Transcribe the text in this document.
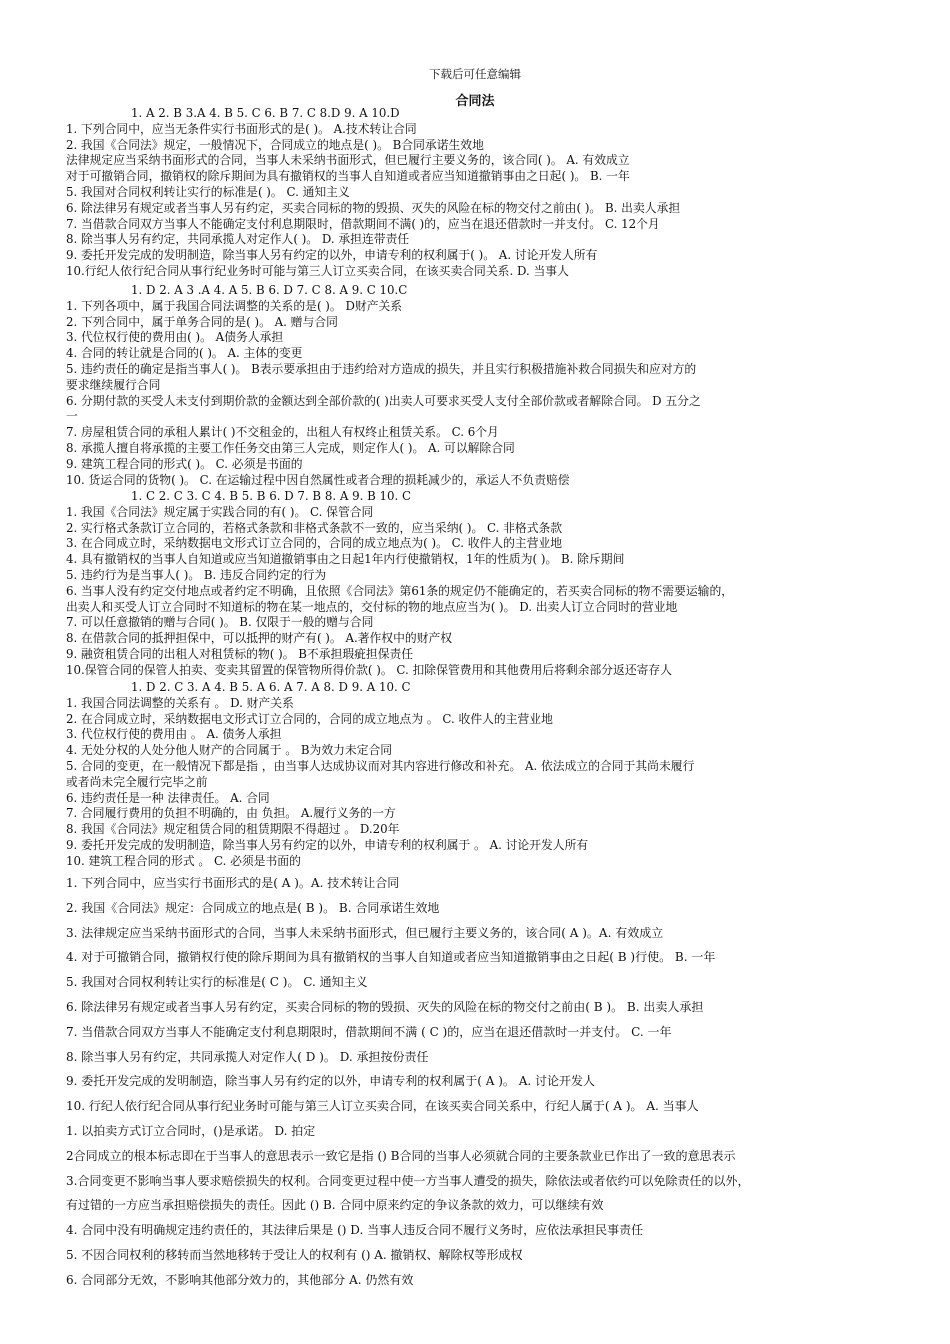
下载后可任意编辑
合同法
1. A 2. B 3.A 4. B 5. C 6. B 7. C 8.D 9. A 10.D
1. 下列合同中，应当无条件实行书面形式的是( )。 A.技术转让合同
2. 我国《合同法》规定，一般情况下，合同成立的地点是( )。 B合同承诺生效地
法律规定应当采纳书面形式的合同，当事人未采纳书面形式，但已履行主要义务的，该合同( )。 A. 有效成立
对于可撤销合同，撤销权的除斥期间为具有撤销权的当事人自知道或者应当知道撤销事由之日起( )。 B. 一年
5. 我国对合同权利转让实行的标准是( )。 C. 通知主义
6. 除法律另有规定或者当事人另有约定，买卖合同标的物的毁损、灭失的风险在标的物交付之前由( )。 B. 出卖人承担
7. 当借款合同双方当事人不能确定支付利息期限时，借款期间不满( )的，应当在退还借款时一并支付。 C. 12个月
8. 除当事人另有约定，共同承揽人对定作人( )。 D. 承担连带责任
9. 委托开发完成的发明制造，除当事人另有约定的以外，申请专利的权利属于( )。 A. 讨论开发人所有
10.行纪人依行纪合同从事行纪业务时可能与第三人订立买卖合同，在该买卖合同关系. D. 当事人
1. D 2. A 3 .A 4. A 5. B 6. D 7. C 8. A 9. C 10.C
1. 下列各项中，属于我国合同法调整的关系的是( )。 D财产关系
2. 下列合同中，属于单务合同的是( )。 A. 赠与合同
3. 代位权行使的费用由( )。 A债务人承担
4. 合同的转让就是合同的( )。 A. 主体的变更
5. 违约责任的确定是指当事人( )。 B表示要承担由于违约给对方造成的损失，并且实行积极措施补救合同损失和应对方的
要求继续履行合同
6. 分期付款的买受人未支付到期价款的金额达到全部价款的( )出卖人可要求买受人支付全部价款或者解除合同。 D 五分之
一
7. 房屋租赁合同的承租人累计( )不交租金的，出租人有权终止租赁关系。 C. 6个月
8. 承揽人擅自将承揽的主要工作任务交由第三人完成，则定作人( )。 A. 可以解除合同
9. 建筑工程合同的形式( )。 C. 必须是书面的
10. 货运合同的货物( )。 C. 在运输过程中因自然属性或者合理的损耗减少的，承运人不负责赔偿
1. C 2. C 3. C 4. B 5. B 6. D 7. B 8. A 9. B 10. C
1. 我国《合同法》规定属于实践合同的有( )。 C. 保管合同
2. 实行格式条款订立合同的，若格式条款和非格式条款不一致的，应当采纳( )。 C. 非格式条款
3. 在合同成立时，采纳数据电文形式订立合同的，合同的成立地点为( )。 C. 收件人的主营业地
4. 具有撤销权的当事人自知道或应当知道撤销事由之日起1年内行使撤销权，1年的性质为( )。 B. 除斥期间
5. 违约行为是当事人( )。 B. 违反合同约定的行为
6. 当事人没有约定交付地点或者约定不明确，且依照《合同法》第61条的规定仍不能确定的，若买卖合同标的物不需要运输的，
出卖人和买受人订立合同时不知道标的物在某一地点的，交付标的物的地点应当为( )。 D. 出卖人订立合同时的营业地
7. 可以任意撤销的赠与合同( )。 B. 仅限于一般的赠与合同
8. 在借款合同的抵押担保中，可以抵押的财产有( )。 A.著作权中的财产权
9. 融资租赁合同的出租人对租赁标的物( )。 B不承担瑕疵担保责任
10.保管合同的保管人拍卖、变卖其留置的保管物所得价款( )。 C. 扣除保管费用和其他费用后将剩余部分返还寄存人
1. D 2. C 3. A 4. B 5. A 6. A 7. A 8. D 9. A 10. C
1. 我国合同法调整的关系有 。 D. 财产关系
2. 在合同成立时，采纳数据电文形式订立合同的，合同的成立地点为 。 C. 收件人的主营业地
3. 代位权行使的费用由 。 A. 债务人承担
4. 无处分权的人处分他人财产的合同属于 。 B为效力未定合同
5. 合同的变更，在一般情况下都是指 ，由当事人达成协议而对其内容进行修改和补充。 A. 依法成立的合同于其尚未履行
或者尚未完全履行完毕之前
6. 违约责任是一种 法律责任。 A. 合同
7. 合同履行费用的负担不明确的，由 负担。 A.履行义务的一方
8. 我国《合同法》规定租赁合同的租赁期限不得超过 。 D.20年
9. 委托开发完成的发明制造，除当事人另有约定的以外，申请专利的权利属于 。 A. 讨论开发人所有
10. 建筑工程合同的形式 。 C. 必须是书面的
1. 下列合同中，应当实行书面形式的是( A )。A. 技术转让合同
2. 我国《合同法》规定：合同成立的地点是( B )。 B. 合同承诺生效地
3. 法律规定应当采纳书面形式的合同，当事人未采纳书面形式，但已履行主要义务的，该合同( A )。A. 有效成立
4. 对于可撤销合同，撤销权行使的除斥期间为具有撤销权的当事人自知道或者应当知道撤销事由之日起( B )行使。 B. 一年
5. 我国对合同权利转让实行的标准是( C )。 C. 通知主义
6. 除法律另有规定或者当事人另有约定，买卖合同标的物的毁损、灭失的风险在标的物交付之前由( B )。 B. 出卖人承担
7. 当借款合同双方当事人不能确定支付利息期限时，借款期间不满 ( C )的，应当在退还借款时一并支付。 C. 一年
8. 除当事人另有约定，共同承揽人对定作人( D )。 D. 承担按份责任
9. 委托开发完成的发明制造，除当事人另有约定的以外，申请专利的权利属于( A )。 A. 讨论开发人
10. 行纪人依行纪合同从事行纪业务时可能与第三人订立买卖合同，在该买卖合同关系中，行纪人属于( A )。 A. 当事人
1. 以拍卖方式订立合同时，()是承诺。 D. 拍定
2合同成立的根本标志即在于当事人的意思表示一致它是指 () B合同的当事人必须就合同的主要条款业已作出了一致的意思表示
3.合同变更不影响当事人要求赔偿损失的权利。合同变更过程中使一方当事人遭受的损失，除依法或者依约可以免除责任的以外，
有过错的一方应当承担赔偿损失的责任。因此 () B. 合同中原来约定的争议条款的效力，可以继续有效
4. 合同中没有明确规定违约责任的，其法律后果是 () D. 当事人违反合同不履行义务时，应依法承担民事责任
5. 不因合同权利的移转而当然地移转于受让人的权利有 () A. 撤销权、解除权等形成权
6. 合同部分无效，不影响其他部分效力的，其他部分 A. 仍然有效
